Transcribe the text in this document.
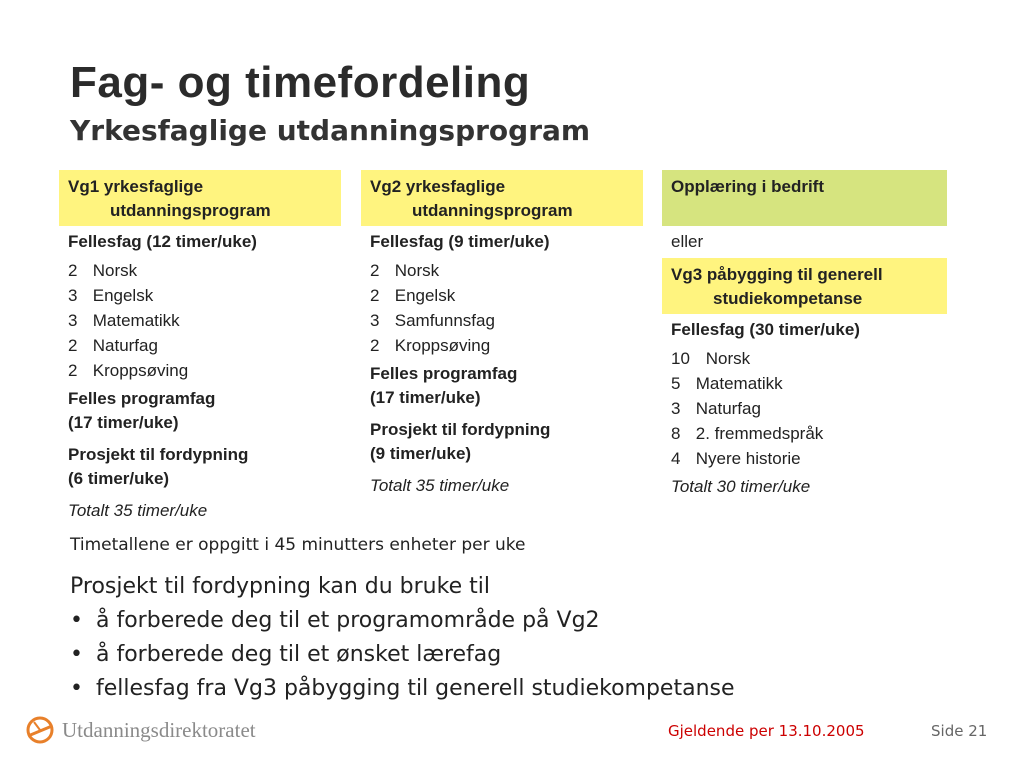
Fag- og timefordeling
Yrkesfaglige utdanningsprogram
Vg1 yrkesfaglige
utdanningsprogram
Fellesfag (12 timer/uke)
2 Norsk
3 Engelsk
3 Matematikk
2 Naturfag
2 Kroppsøving
Felles programfag
(17 timer/uke)
Prosjekt til fordypning
(6 timer/uke)
Totalt 35 timer/uke
Vg2 yrkesfaglige
utdanningsprogram
Fellesfag (9 timer/uke)
2 Norsk
2 Engelsk
3 Samfunnsfag
2 Kroppsøving
Felles programfag
(17 timer/uke)
Prosjekt til fordypning
(9 timer/uke)
Totalt 35 timer/uke
Opplæring i bedrift
eller
Vg3 påbygging til generell
studiekompetanse
Fellesfag (30 timer/uke)
10 Norsk
5 Matematikk
3 Naturfag
8 2. fremmedspråk
4 Nyere historie
Totalt 30 timer/uke
Timetallene er oppgitt i 45 minutters enheter per uke
Prosjekt til fordypning kan du bruke til
• å forberede deg til et programområde på Vg2
• å forberede deg til et ønsket lærefag
• fellesfag fra Vg3 påbygging til generell studiekompetanse
Utdanningsdirektoratet	Gjeldende per 13.10.2005	Side 21
